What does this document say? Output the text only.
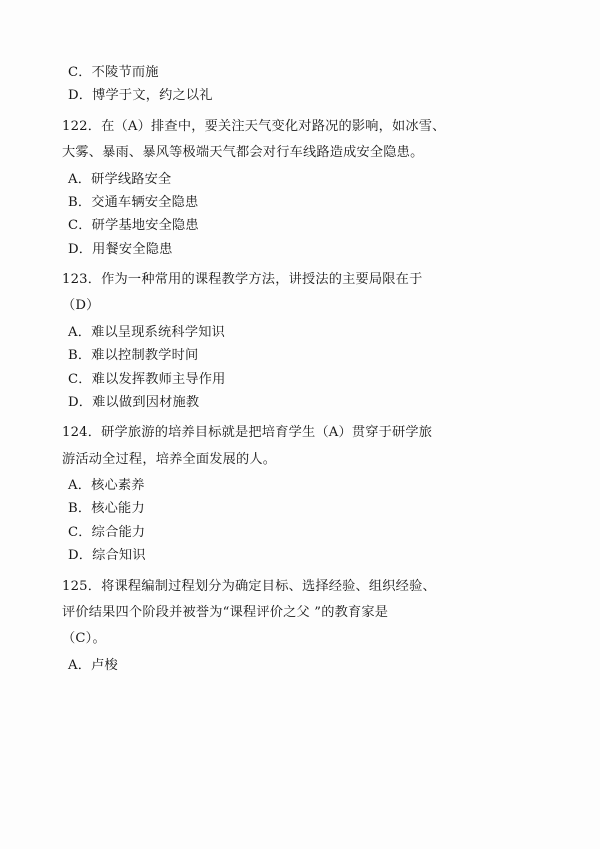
C．不陵节而施

D．博学于文，约之以礼

122．在（A）排查中，要关注天气变化对路况的影响，如冰雪、

大雾、暴雨、暴风等极端天气都会对行车线路造成安全隐患。

A．研学线路安全

B．交通车辆安全隐患

C．研学基地安全隐患

D．用餐安全隐患

123．作为一种常用的课程教学方法，讲授法的主要局限在于

（D）

A．难以呈现系统科学知识

B．难以控制教学时间

C．难以发挥教师主导作用

D．难以做到因材施教

124．研学旅游的培养目标就是把培育学生（A）贯穿于研学旅

游活动全过程，培养全面发展的人。

A．核心素养

B．核心能力

C．综合能力

D．综合知识

125．将课程编制过程划分为确定目标、选择经验、组织经验、

评价结果四个阶段并被誉为“课程评价之父 ”的教育家是

（C）。

A．卢梭
